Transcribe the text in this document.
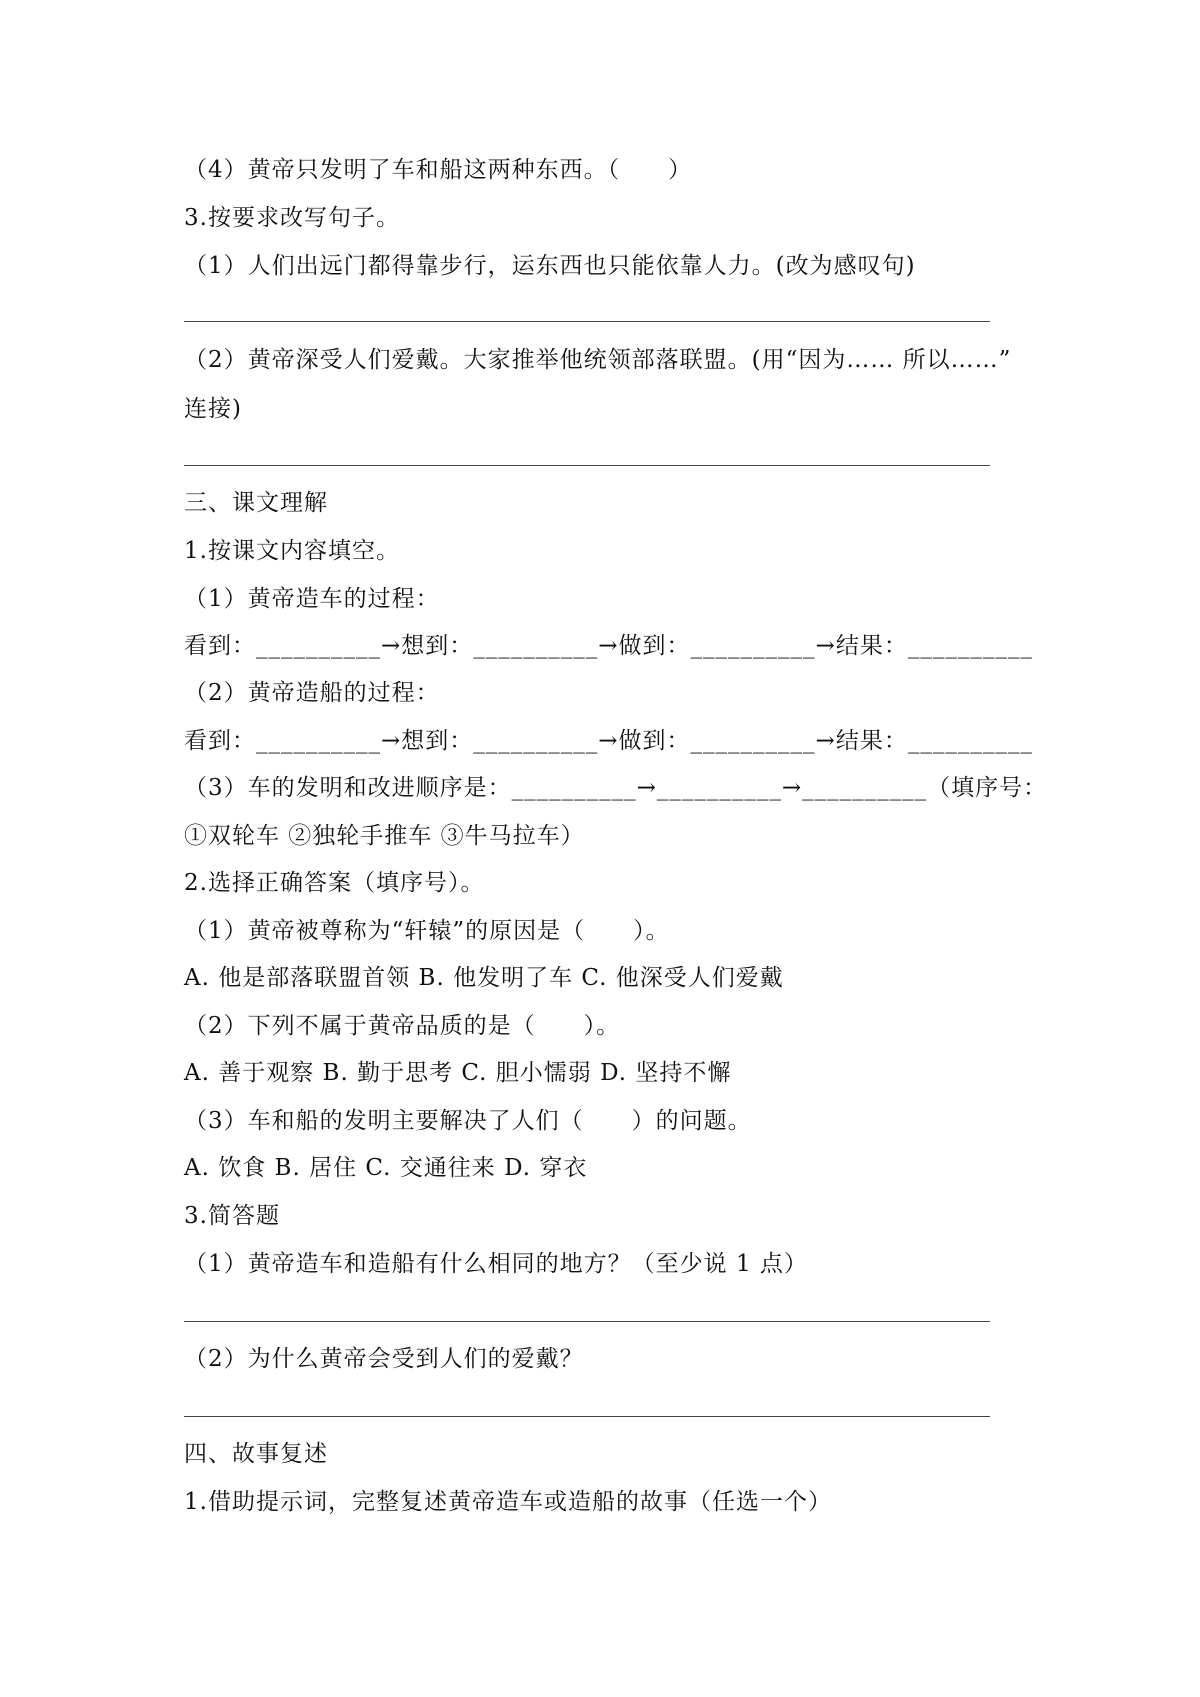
（4）黄帝只发明了车和船这两种东西。（　　）
3.按要求改写句子。
（1）人们出远门都得靠步行，运东西也只能依靠人力。(改为感叹句)
（2）黄帝深受人们爱戴。大家推举他统领部落联盟。(用“因为…… 所以……”
连接)
三、课文理解
1.按课文内容填空。
（1）黄帝造车的过程：
看到：__________→想到：__________→做到：__________→结果：__________
（2）黄帝造船的过程：
看到：__________→想到：__________→做到：__________→结果：__________
（3）车的发明和改进顺序是：__________→__________→__________（填序号：
①双轮车 ②独轮手推车 ③牛马拉车）
2.选择正确答案（填序号）。
（1）黄帝被尊称为“轩辕”的原因是（　　）。
A. 他是部落联盟首领 B. 他发明了车 C. 他深受人们爱戴
（2）下列不属于黄帝品质的是（　　）。
A. 善于观察 B. 勤于思考 C. 胆小懦弱 D. 坚持不懈
（3）车和船的发明主要解决了人们（　　）的问题。
A. 饮食 B. 居住 C. 交通往来 D. 穿衣
3.简答题
（1）黄帝造车和造船有什么相同的地方？（至少说 1 点）
（2）为什么黄帝会受到人们的爱戴？
四、故事复述
1.借助提示词，完整复述黄帝造车或造船的故事（任选一个）
